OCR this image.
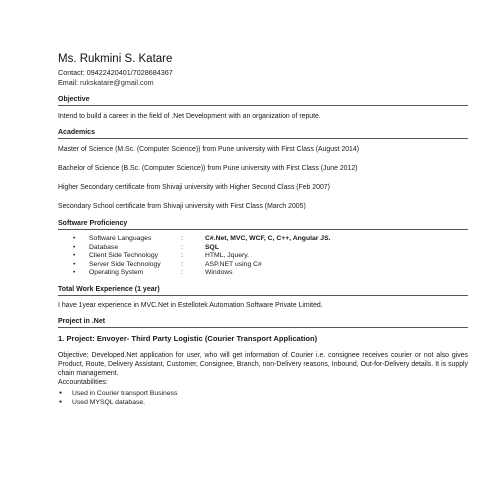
Ms. Rukmini S. Katare
Contact: 09422420401/7028684367
Email: rukskatare@gmail.com
Objective
Intend to build a career in the field of .Net Development with an organization of repute.
Academics
Master of Science (M.Sc. (Computer Science)) from Pune university with First Class (August 2014)
Bachelor of Science (B.Sc. (Computer Science)) from Pune university with First Class (June 2012)
Higher Secondary certificate from Shivaji university with Higher Second Class (Feb 2007)
Secondary School certificate from Shivaji university with First Class (March 2005)
Software Proficiency
•	Software Languages	:	C#.Net, MVC, WCF, C, C++, Angular JS.
•	Database	:	SQL
•	Client Side Technology	:	HTML, Jquery.
•	Server Side Technology	:	ASP.NET using C#
•	Operating System	:	Windows
Total Work Experience (1 year)
I have 1year experience in MVC.Net in Estellotek Automation Software Private Limited.
Project in .Net
1. Project: Envoyer- Third Party Logistic (Courier Transport Application)
Objective: Developed.Net application for user, who will get information of Courier i.e. consignee receives courier or not also gives Product, Route, Delivery Assistant, Customer, Consignee, Branch, non-Delivery reasons, Inbound, Out-for-Delivery details. It is supply chain management.
Accountabilities:
● Used in Courier transport Business
● Used MYSQL database.
